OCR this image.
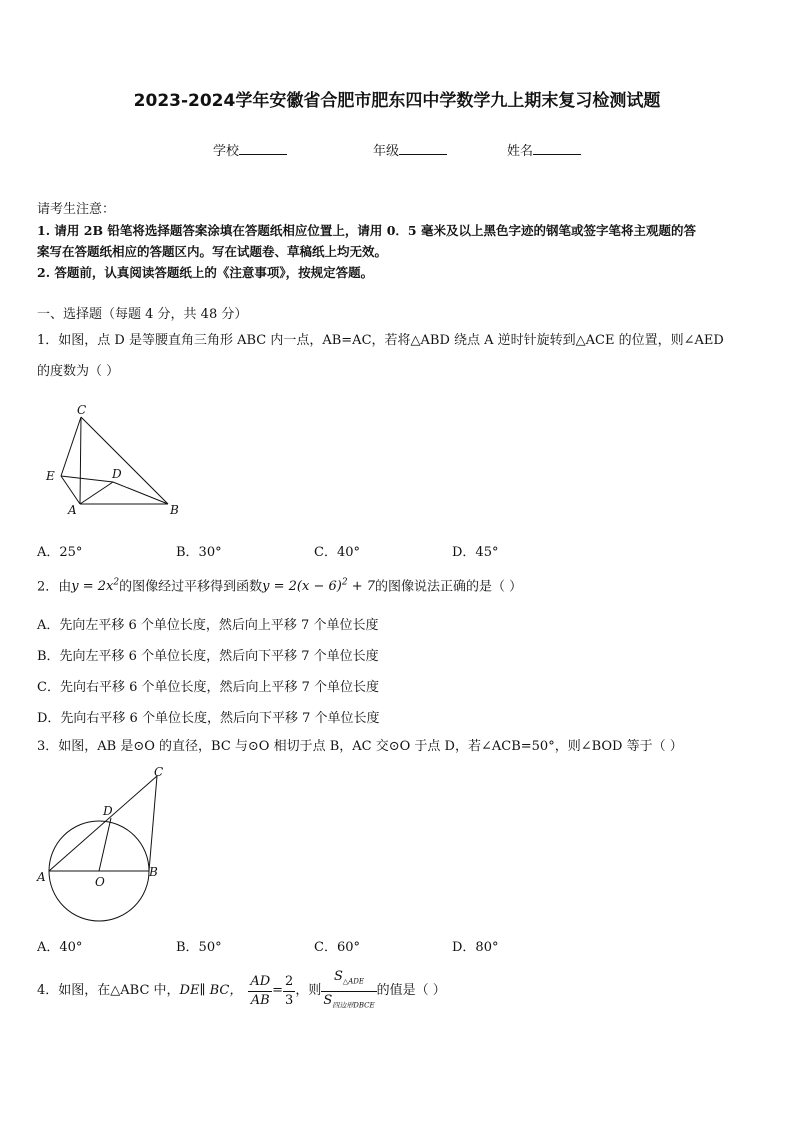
2023-2024学年安徽省合肥市肥东四中学数学九上期末复习检测试题
学校	年级	姓名
请考生注意：
1. 请用 2B 铅笔将选择题答案涂填在答题纸相应位置上，请用 0．5 毫米及以上黑色字迹的钢笔或签字笔将主观题的答
案写在答题纸相应的答题区内。写在试题卷、草稿纸上均无效。
2. 答题前，认真阅读答题纸上的《注意事项》，按规定答题。
一、选择题（每题 4 分，共 48 分）
1．如图，点 D 是等腰直角三角形 ABC 内一点，AB=AC，若将△ABD 绕点 A 逆时针旋转到△ACE 的位置，则∠AED
的度数为（ ）
C
E	D
A	B
A．25°	B．30°	C．40°	D．45°
2．由$y = 2x^2$的图像经过平移得到函数$y = 2(x - 6)^2 + 7$的图像说法正确的是（ ）
A．先向左平移 6 个单位长度，然后向上平移 7 个单位长度
B．先向左平移 6 个单位长度，然后向下平移 7 个单位长度
C．先向右平移 6 个单位长度，然后向上平移 7 个单位长度
D．先向右平移 6 个单位长度，然后向下平移 7 个单位长度
3．如图，AB 是⊙O 的直径，BC 与⊙O 相切于点 B，AC 交⊙O 于点 D，若∠ACB=50°，则∠BOD 等于（ ）
C
D
A	O
B
A．40°	B．50°	C．60°	D．80°
4．如图，在△ABC 中， DE∥ BC， $\frac{AD}{AB} = \frac{2}{3}$ ，则 $\frac{S_{\triangle ADE}}{S_{四边形DBCE}}$ 的值是（ ）
